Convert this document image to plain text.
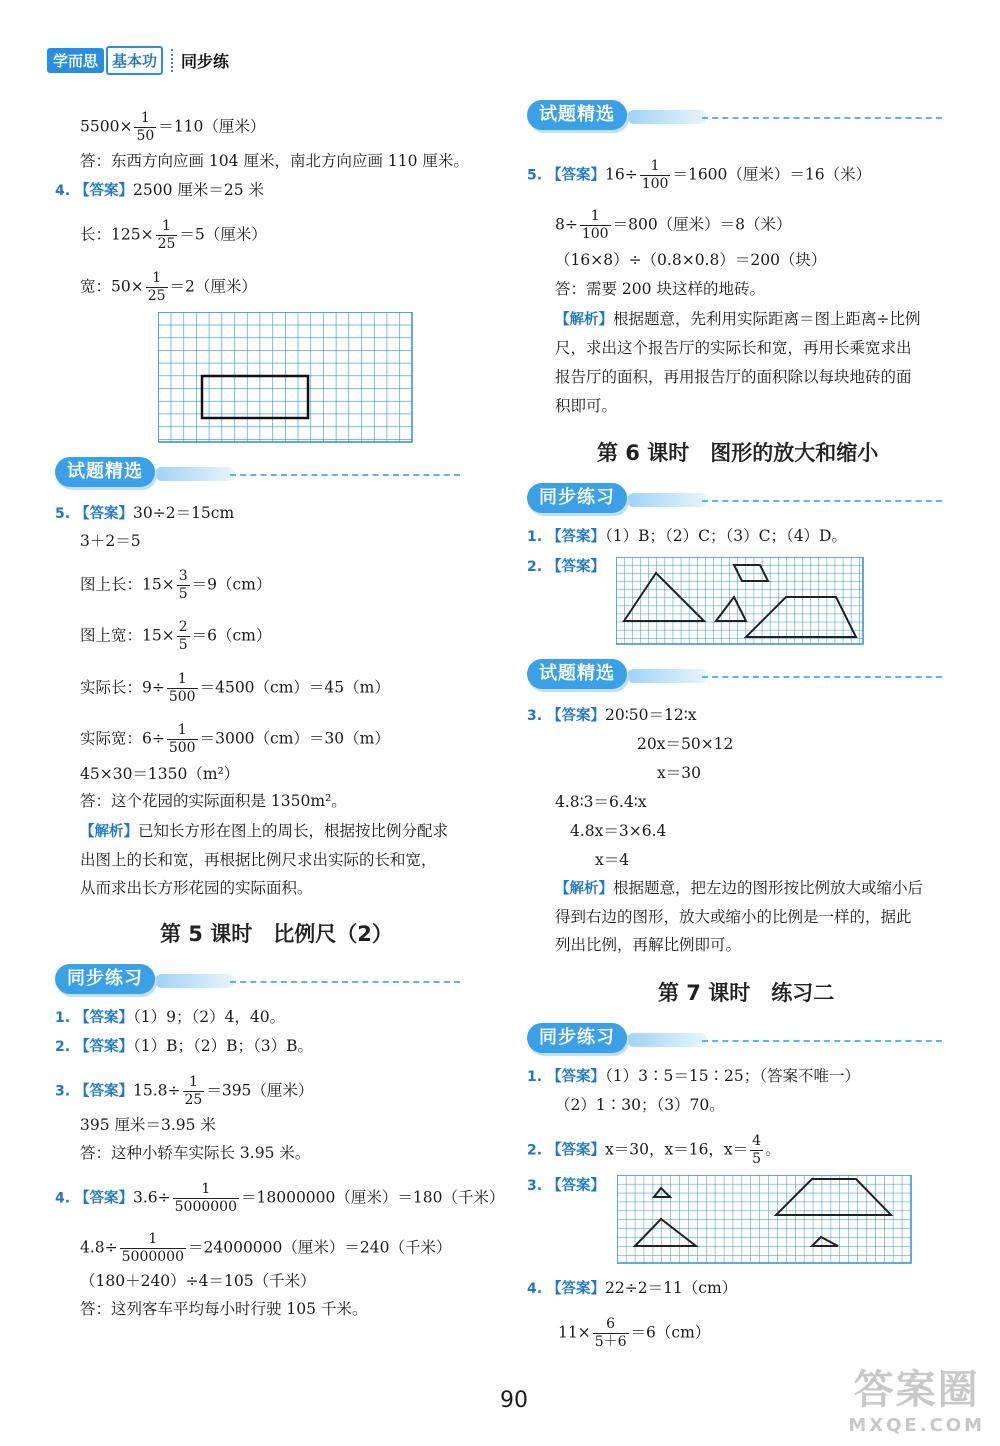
学而思 基本功	同步练
$5500\times \frac{1}{50} =110$（厘米）
答：东西方向应画 104 厘米，南北方向应画 110 厘米。
4. 【答案】2500 厘米＝25 米
长：$125\times \frac{1}{25} =5$（厘米）
宽：$50\times \frac{1}{25} =2$（厘米）
试题精选
5. 【答案】30÷2＝15cm
3＋2＝5
图上长：$15\times \frac{3}{5} =9(cm)$
图上宽：$15\times \frac{2}{5} =6(cm)$
实际长：$9\div \frac{1}{500} =4500(cm)=45(m)$
实际宽：$6\div \frac{1}{500} =3000(cm)=30(m)$
45×30＝1350（m²）
答：这个花园的实际面积是 1350m²。
【解析】已知长方形在图上的周长，根据按比例分配求
出图上的长和宽，再根据比例尺求出实际的长和宽，
从而求出长方形花园的实际面积。
第 5 课时　比例尺（2）
同步练习
1. 【答案】（1）9；（2）4，40。
2. 【答案】（1）B；（2）B；（3）B。
3. 【答案】$15.8\div \frac{1}{25} =395$（厘米）
395 厘米＝3.95 米
答：这种小轿车实际长 3.95 米。
4. 【答案】$3.6\div \frac{1}{5000000} =18000000$（厘米）＝180（千米）
$4.8\div \frac{1}{5000000} =24000000$（厘米）＝240（千米）
（180＋240）÷4＝105（千米）
答：这列客车平均每小时行驶 105 千米。
试题精选
5. 【答案】$16\div \frac{1}{100} =1600$（厘米）＝16（米）
$8\div \frac{1}{100} =800$（厘米）＝8（米）
（16×8）÷（0.8×0.8）＝200（块）
答：需要 200 块这样的地砖。
【解析】根据题意，先利用实际距离＝图上距离÷比例
尺，求出这个报告厅的实际长和宽，再用长乘宽求出
报告厅的面积，再用报告厅的面积除以每块地砖的面
积即可。
第 6 课时　图形的放大和缩小
同步练习
1. 【答案】（1）B；（2）C；（3）C；（4）D。
2. 【答案】
试题精选
3. 【答案】20∶50＝12∶x
20x＝50×12
x＝30
4.8∶3＝6.4∶x
4.8x＝3×6.4
x＝4
【解析】根据题意，把左边的图形按比例放大或缩小后
得到右边的图形，放大或缩小的比例是一样的，据此
列出比例，再解比例即可。
第 7 课时　练习二
同步练习
1. 【答案】（1）3∶5＝15∶25；（答案不唯一）
（2）1∶30；（3）70。
2. 【答案】x＝30，x＝16，$x= \frac{4}{5}$ 。
3. 【答案】
4. 【答案】22÷2＝11（cm）
$11\times \frac{6}{5+6} =6(cm)$
90	答案圈
MXQE.COM
